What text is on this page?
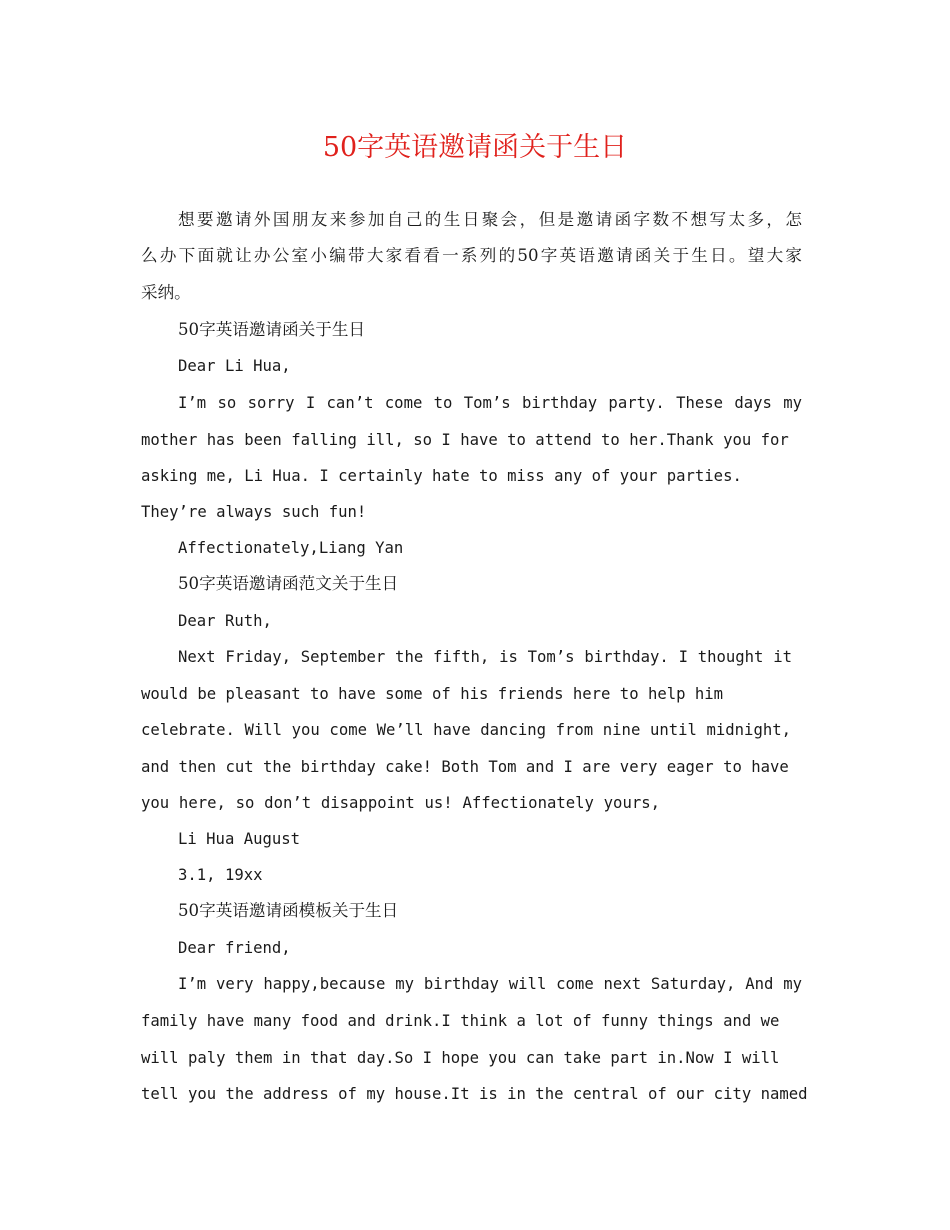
50字英语邀请函关于生日
想要邀请外国朋友来参加自己的生日聚会，但是邀请函字数不想写太多，怎
么办下面就让办公室小编带大家看看一系列的50字英语邀请函关于生日。望大家
采纳。
50字英语邀请函关于生日
Dear Li Hua,
I’m so sorry I can’t come to Tom’s birthday party. These days my
mother has been falling ill, so I have to attend to her.Thank you for
asking me, Li Hua. I certainly hate to miss any of your parties.
They’re always such fun!
Affectionately,Liang Yan
50字英语邀请函范文关于生日
Dear Ruth,
Next Friday, September the fifth, is Tom’s birthday. I thought it
would be pleasant to have some of his friends here to help him
celebrate. Will you come We’ll have dancing from nine until midnight,
and then cut the birthday cake! Both Tom and I are very eager to have
you here, so don’t disappoint us! Affectionately yours,
Li Hua August
3.1, 19xx
50字英语邀请函模板关于生日
Dear friend,
I’m very happy,because my birthday will come next Saturday, And my
family have many food and drink.I think a lot of funny things and we
will paly them in that day.So I hope you can take part in.Now I will
tell you the address of my house.It is in the central of our city named
